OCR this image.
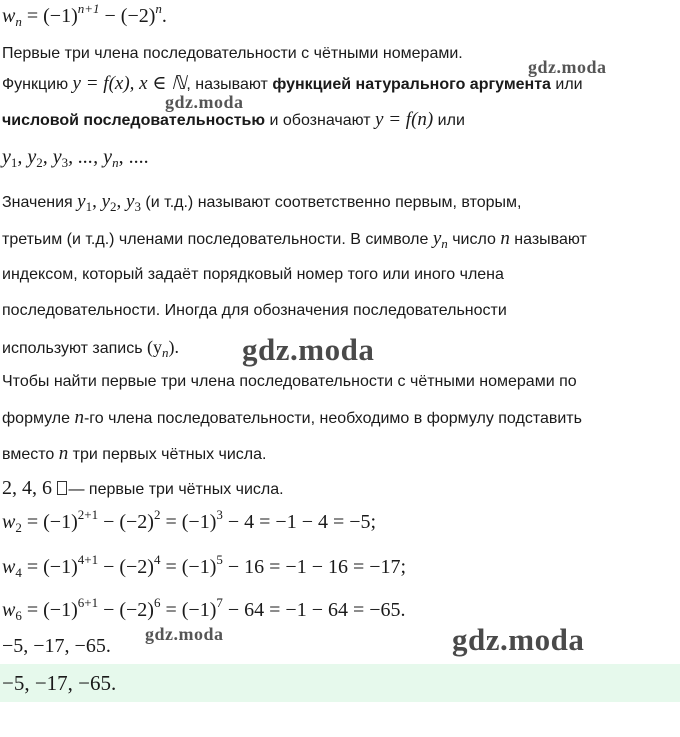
$w_n = (-1)^{n+1} - (-2)^n$.
Первые три члена последовательности с чётными номерами.
Функцию y = f(x), x ∈ ℕ, называют функцией натурального аргумента или
числовой последовательностью и обозначают y = f(n) или
$y_1$, $y_2$, $y_3$, ..., $y_n$, ....
Значения $y_1$, $y_2$, $y_3$ (и т.д.) называют соответственно первым, вторым,
третьим (и т.д.) членами последовательности. В символе $y_n$ число n называют
индексом, который задаёт порядковый номер того или иного члена
последовательности. Иногда для обозначения последовательности
используют запись $(y_n)$.
Чтобы найти первые три члена последовательности с чётными номерами по
формуле n-го члена последовательности, необходимо в формулу подставить
вместо n три первых чётных числа.
2, 4, 6 — первые три чётных числа.
$w_2 = (-1)^{2+1} - (-2)^2 = (-1)^3 - 4 = -1 - 4 = -5$;
$w_4 = (-1)^{4+1} - (-2)^4 = (-1)^5 - 16 = -1 - 16 = -17$;
$w_6 = (-1)^{6+1} - (-2)^6 = (-1)^7 - 64 = -1 - 64 = -65$.
−5, −17, −65.
−5, −17, −65.
gdz.moda
gdz.moda
gdz.moda
gdz.moda	gdz.moda
